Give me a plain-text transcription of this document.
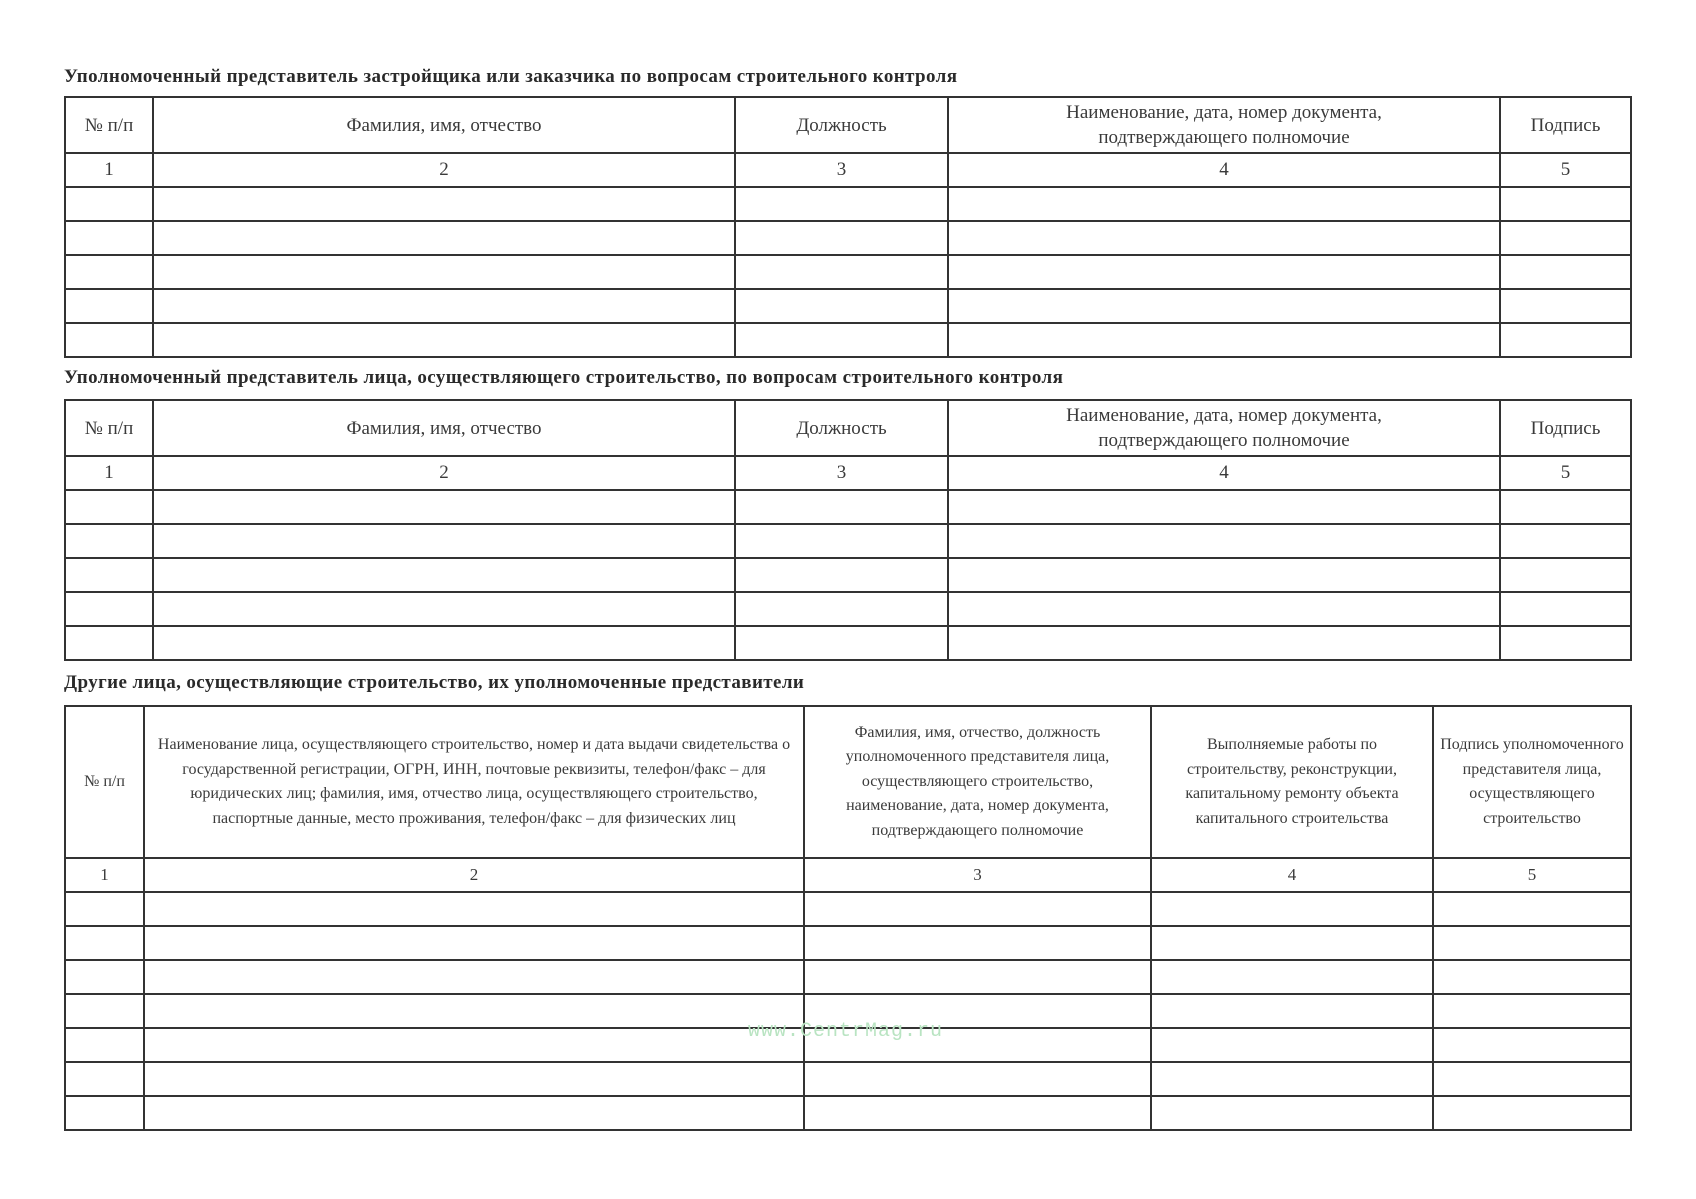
Уполномоченный представитель застройщика или заказчика по вопросам строительного контроля
№ п/п	Фамилия, имя, отчество	Должность	Наименование, дата, номер документа, подтверждающего полномочие	Подпись
1	2	3	4	5

Уполномоченный представитель лица, осуществляющего строительство, по вопросам строительного контроля
№ п/п	Фамилия, имя, отчество	Должность	Наименование, дата, номер документа, подтверждающего полномочие	Подпись
1	2	3	4	5

Другие лица, осуществляющие строительство, их уполномоченные представители
№ п/п	Наименование лица, осуществляющего строительство, номер и дата выдачи свидетельства о государственной регистрации, ОГРН, ИНН, почтовые реквизиты, телефон/факс – для юридических лиц; фамилия, имя, отчество лица, осуществляющего строительство, паспортные данные, место проживания, телефон/факс – для физических лиц	Фамилия, имя, отчество, должность уполномоченного представителя лица, осуществляющего строительство, наименование, дата, номер документа, подтверждающего полномочие	Выполняемые работы по строительству, реконструкции, капитальному ремонту объекта капитального строительства	Подпись уполномоченного представителя лица, осуществляющего строительство
1	2	3	4	5

www.CentrMag.ru
